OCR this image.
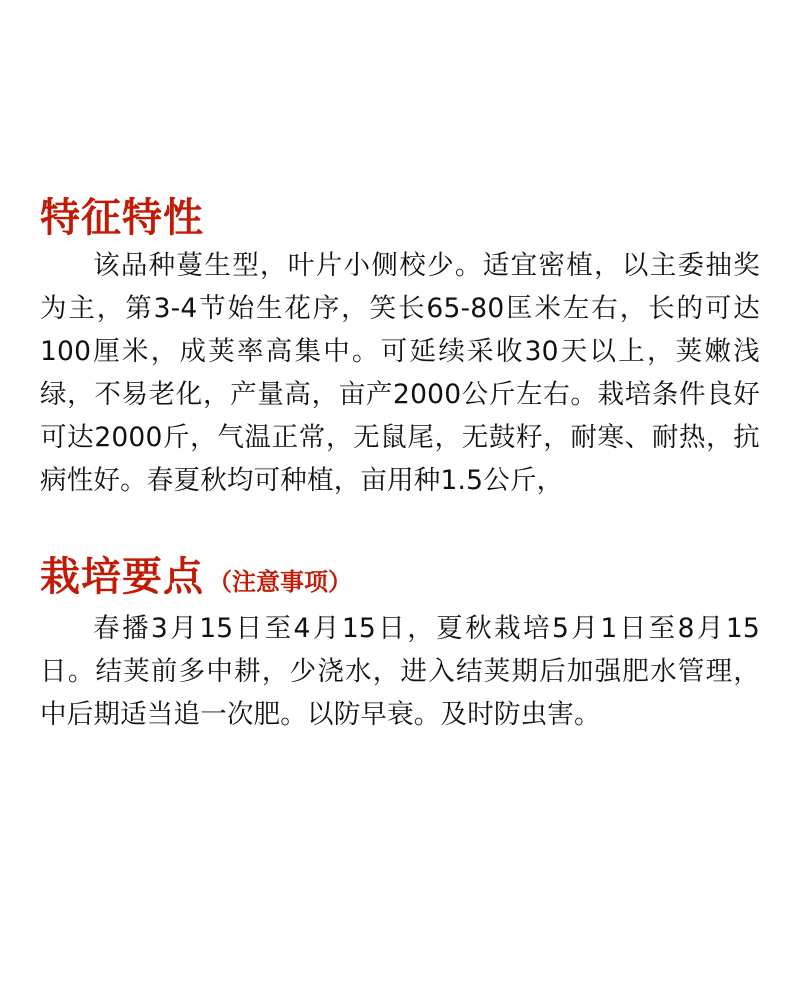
特征特性

该品种蔓生型，叶片小侧校少。适宜密植，以主委抽奖为主，第3-4节始生花序，笑长65-80匡米左右，长的可达100厘米，成荚率高集中。可延续采收30天以上，荚嫩浅绿，不易老化，产量高，亩产2000公斤左右。栽培条件良好可达2000斤，气温正常，无鼠尾，无鼓籽，耐寒、耐热，抗病性好。春夏秋均可种植，亩用种1.5公斤，

栽培要点 （注意事项）

春播3月15日至4月15日，夏秋栽培5月1日至8月15日。结荚前多中耕，少浇水，进入结荚期后加强肥水管理，中后期适当追一次肥。以防早衰。及时防虫害。
